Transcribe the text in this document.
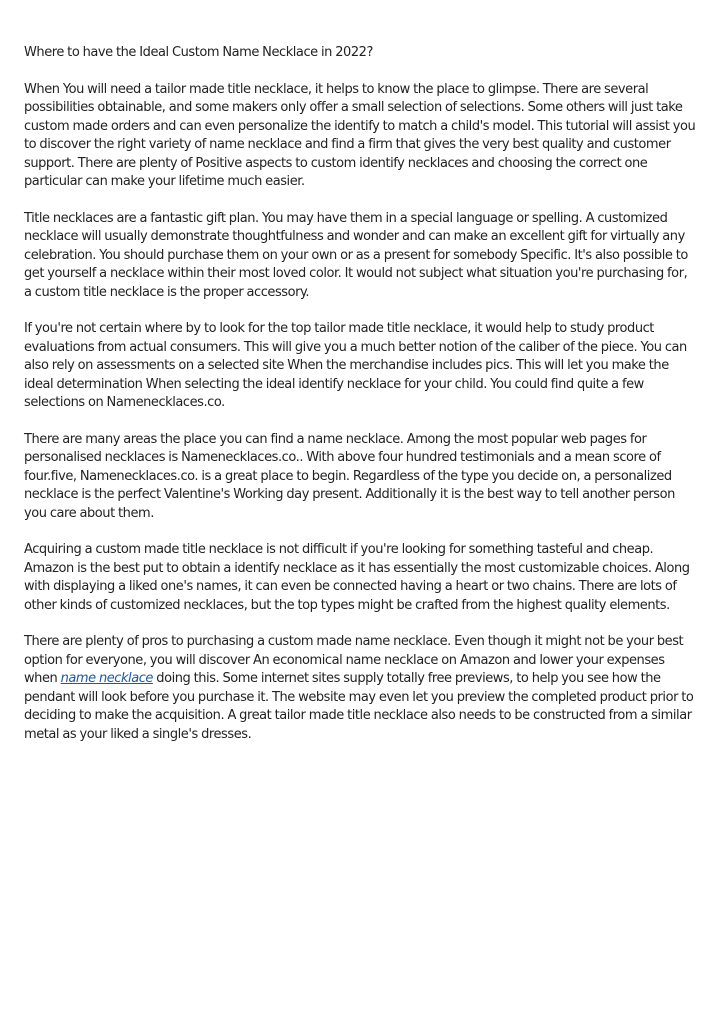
Where to have the Ideal Custom Name Necklace in 2022?

When You will need a tailor made title necklace, it helps to know the place to glimpse. There are several possibilities obtainable, and some makers only offer a small selection of selections. Some others will just take custom made orders and can even personalize the identify to match a child's model. This tutorial will assist you to discover the right variety of name necklace and find a firm that gives the very best quality and customer support. There are plenty of Positive aspects to custom identify necklaces and choosing the correct one particular can make your lifetime much easier.

Title necklaces are a fantastic gift plan. You may have them in a special language or spelling. A customized necklace will usually demonstrate thoughtfulness and wonder and can make an excellent gift for virtually any celebration. You should purchase them on your own or as a present for somebody Specific. It's also possible to get yourself a necklace within their most loved color. It would not subject what situation you're purchasing for, a custom title necklace is the proper accessory.

If you're not certain where by to look for the top tailor made title necklace, it would help to study product evaluations from actual consumers. This will give you a much better notion of the caliber of the piece. You can also rely on assessments on a selected site When the merchandise includes pics. This will let you make the ideal determination When selecting the ideal identify necklace for your child. You could find quite a few selections on Namenecklaces.co.

There are many areas the place you can find a name necklace. Among the most popular web pages for personalised necklaces is Namenecklaces.co.. With above four hundred testimonials and a mean score of four.five, Namenecklaces.co. is a great place to begin. Regardless of the type you decide on, a personalized necklace is the perfect Valentine's Working day present. Additionally it is the best way to tell another person you care about them.

Acquiring a custom made title necklace is not difficult if you're looking for something tasteful and cheap. Amazon is the best put to obtain a identify necklace as it has essentially the most customizable choices. Along with displaying a liked one's names, it can even be connected having a heart or two chains. There are lots of other kinds of customized necklaces, but the top types might be crafted from the highest quality elements.

There are plenty of pros to purchasing a custom made name necklace. Even though it might not be your best option for everyone, you will discover An economical name necklace on Amazon and lower your expenses when name necklace doing this. Some internet sites supply totally free previews, to help you see how the pendant will look before you purchase it. The website may even let you preview the completed product prior to deciding to make the acquisition. A great tailor made title necklace also needs to be constructed from a similar metal as your liked a single's dresses.
